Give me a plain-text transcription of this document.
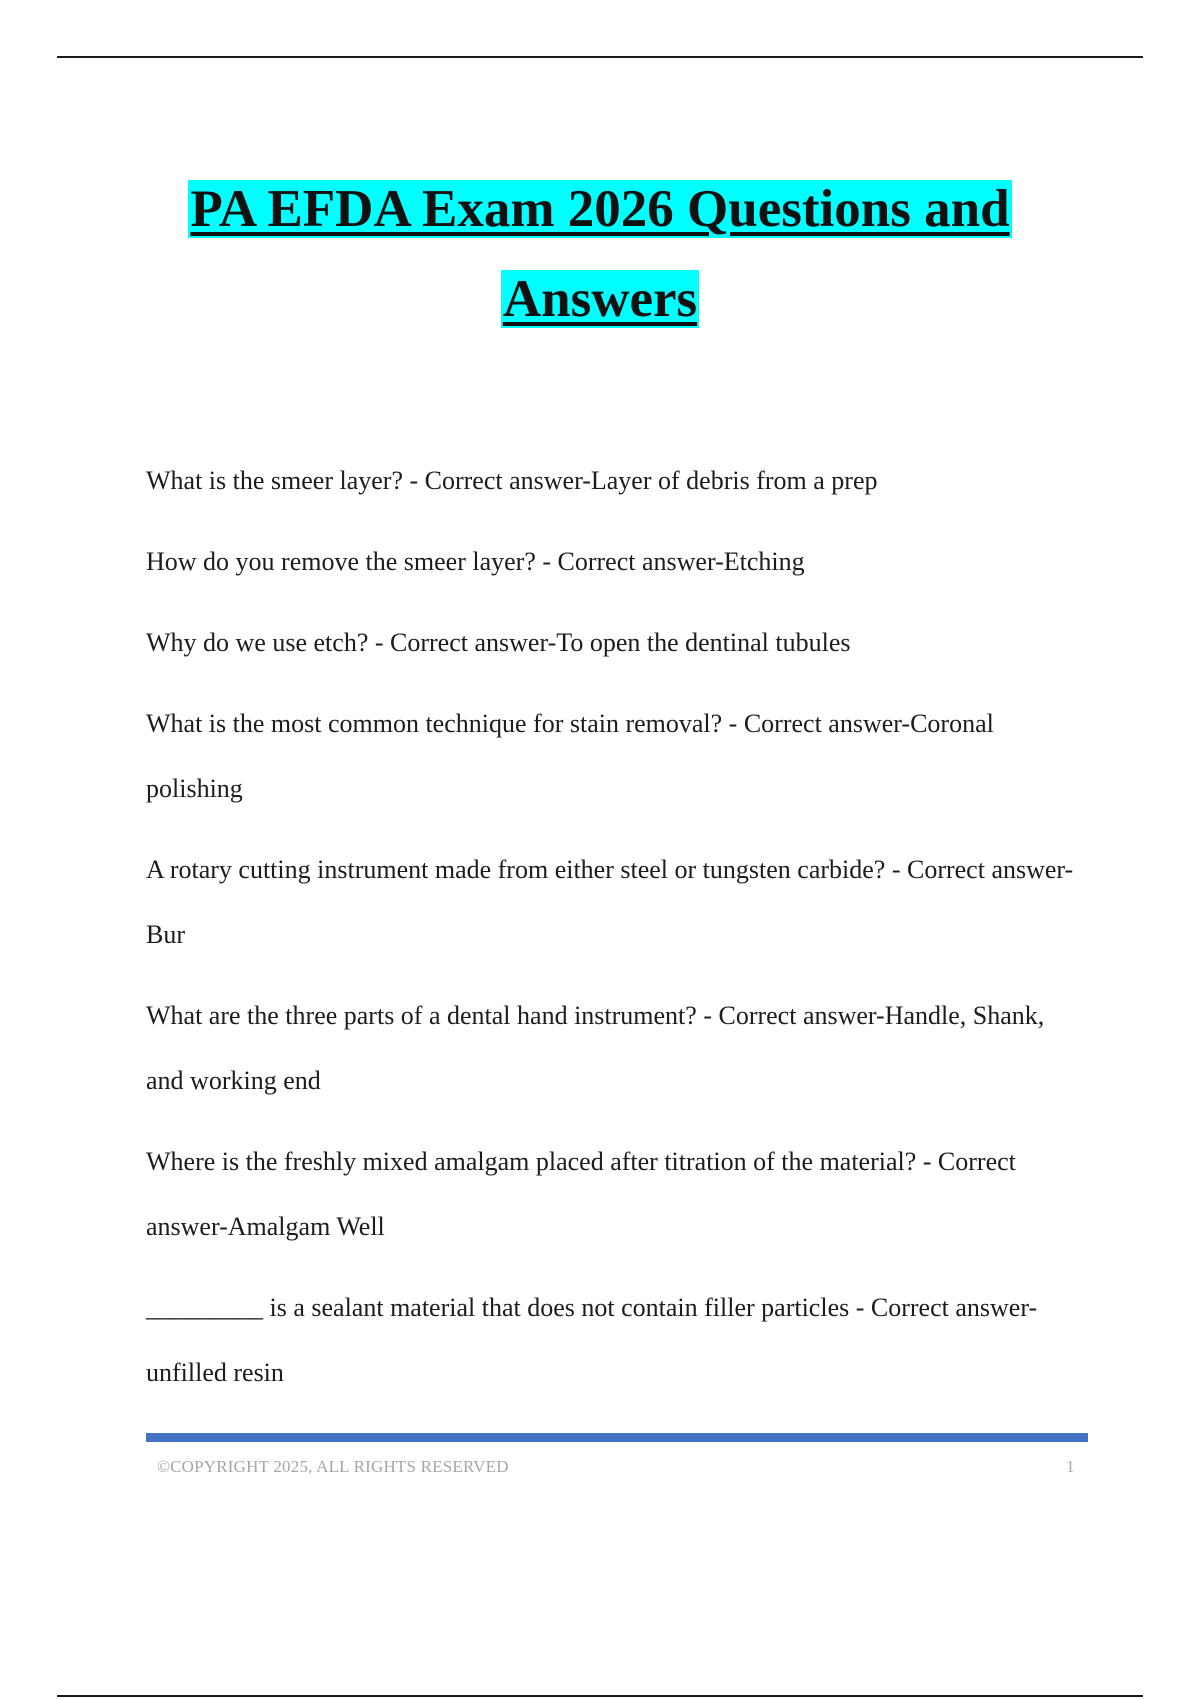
PA EFDA Exam 2026 Questions and
Answers
What is the smeer layer? - Correct answer-Layer of debris from a prep
How do you remove the smeer layer? - Correct answer-Etching
Why do we use etch? - Correct answer-To open the dentinal tubules
What is the most common technique for stain removal? - Correct answer-Coronal polishing
A rotary cutting instrument made from either steel or tungsten carbide? - Correct answer-Bur
What are the three parts of a dental hand instrument? - Correct answer-Handle, Shank, and working end
Where is the freshly mixed amalgam placed after titration of the material? - Correct answer-Amalgam Well
_________ is a sealant material that does not contain filler particles - Correct answer-unfilled resin
©COPYRIGHT 2025, ALL RIGHTS RESERVED	1
